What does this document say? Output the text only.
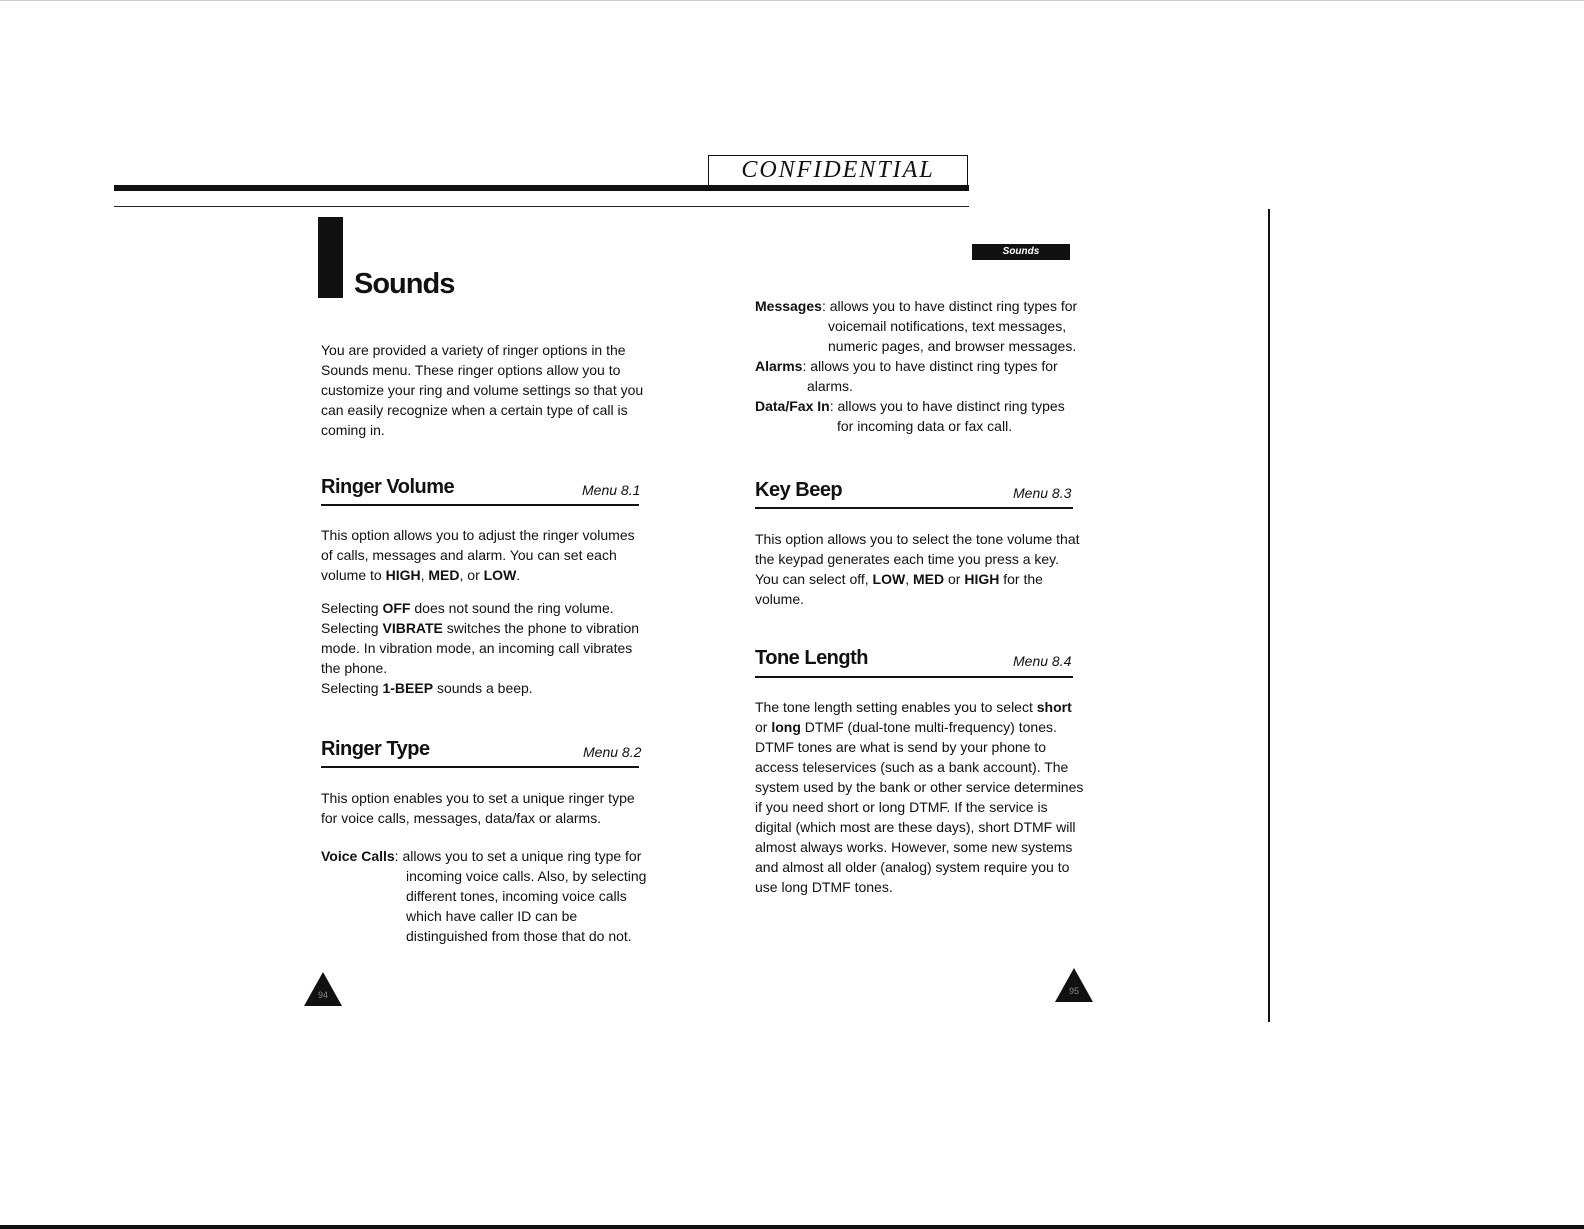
CONFIDENTIAL
Sounds
Sounds
You are provided a variety of ringer options in the
Sounds menu. These ringer options allow you to
customize your ring and volume settings so that you
can easily recognize when a certain type of call is
coming in.
Ringer Volume	Menu 8.1
This option allows you to adjust the ringer volumes
of calls, messages and alarm. You can set each
volume to HIGH, MED, or LOW.
Selecting OFF does not sound the ring volume.
Selecting VIBRATE switches the phone to vibration
mode. In vibration mode, an incoming call vibrates
the phone.
Selecting 1-BEEP sounds a beep.
Ringer Type	Menu 8.2
This option enables you to set a unique ringer type
for voice calls, messages, data/fax or alarms.
Voice Calls: allows you to set a unique ring type for
incoming voice calls. Also, by selecting
different tones, incoming voice calls
which have caller ID can be
distinguished from those that do not.
Messages: allows you to have distinct ring types for
voicemail notifications, text messages,
numeric pages, and browser messages.
Alarms: allows you to have distinct ring types for
alarms.
Data/Fax In: allows you to have distinct ring types
for incoming data or fax call.
Key Beep	Menu 8.3
This option allows you to select the tone volume that
the keypad generates each time you press a key.
You can select off, LOW, MED or HIGH for the
volume.
Tone Length	Menu 8.4
The tone length setting enables you to select short
or long DTMF (dual-tone multi-frequency) tones.
DTMF tones are what is send by your phone to
access teleservices (such as a bank account). The
system used by the bank or other service determines
if you need short or long DTMF. If the service is
digital (which most are these days), short DTMF will
almost always works. However, some new systems
and almost all older (analog) system require you to
use long DTMF tones.
94	95
